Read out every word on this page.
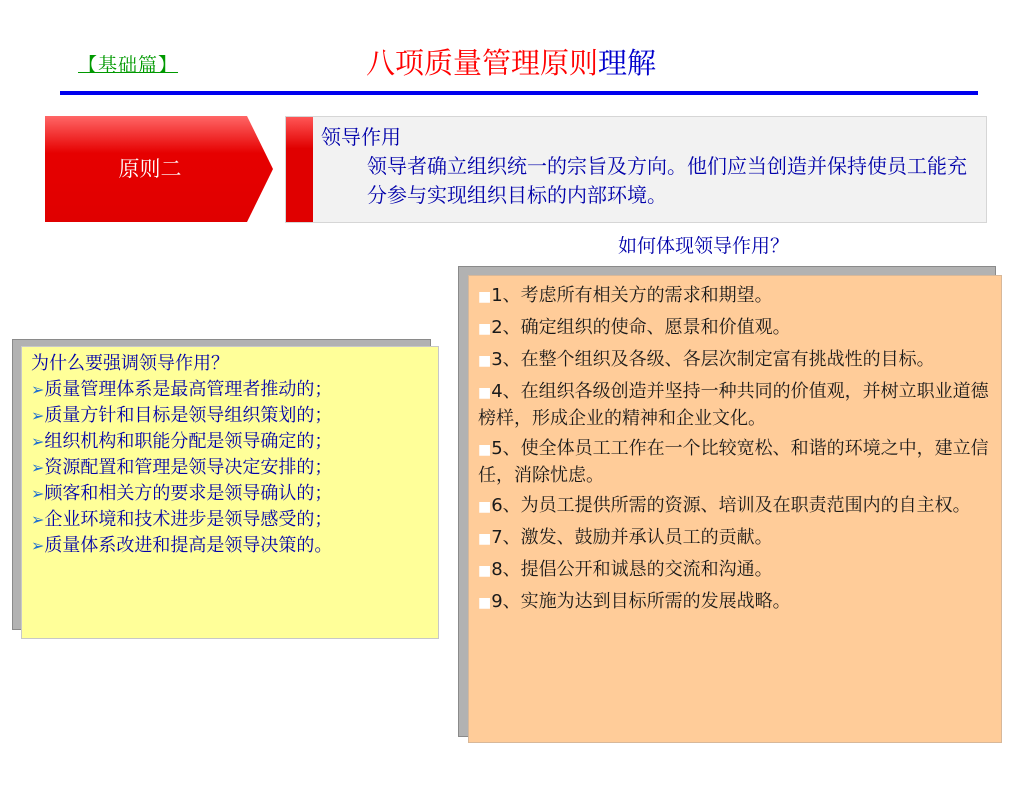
【基础篇】	八项质量管理原则理解
原则二
领导作用
领导者确立组织统一的宗旨及方向。他们应当创造并保持使员工能充分参与实现组织目标的内部环境。
如何体现领导作用？
为什么要强调领导作用？
➢质量管理体系是最高管理者推动的；
➢质量方针和目标是领导组织策划的；
➢组织机构和职能分配是领导确定的；
➢资源配置和管理是领导决定安排的；
➢顾客和相关方的要求是领导确认的；
➢企业环境和技术进步是领导感受的；
➢质量体系改进和提高是领导决策的。
■1、考虑所有相关方的需求和期望。
■2、确定组织的使命、愿景和价值观。
■3、在整个组织及各级、各层次制定富有挑战性的目标。
■4、在组织各级创造并坚持一种共同的价值观，并树立职业道德榜样，形成企业的精神和企业文化。
■5、使全体员工工作在一个比较宽松、和谐的环境之中，建立信任，消除忧虑。
■6、为员工提供所需的资源、培训及在职责范围内的自主权。
■7、激发、鼓励并承认员工的贡献。
■8、提倡公开和诚恳的交流和沟通。
■9、实施为达到目标所需的发展战略。
